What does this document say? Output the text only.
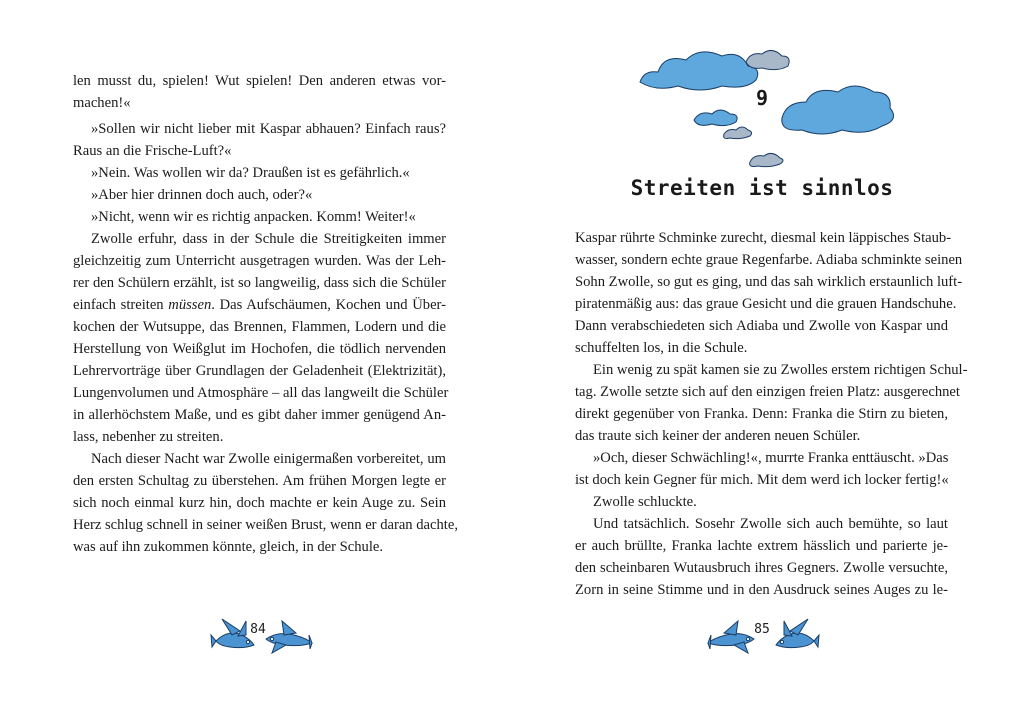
len musst du, spielen! Wut spielen! Den anderen etwas vor-
machen!«
»Sollen wir nicht lieber mit Kaspar abhauen? Einfach raus?
Raus an die Frische-Luft?«
»Nein. Was wollen wir da? Draußen ist es gefährlich.«
»Aber hier drinnen doch auch, oder?«
»Nicht, wenn wir es richtig anpacken. Komm! Weiter!«
Zwolle erfuhr, dass in der Schule die Streitigkeiten immer
gleichzeitig zum Unterricht ausgetragen wurden. Was der Leh-
rer den Schülern erzählt, ist so langweilig, dass sich die Schüler
einfach streiten müssen. Das Aufschäumen, Kochen und Über-
kochen der Wutsuppe, das Brennen, Flammen, Lodern und die
Herstellung von Weißglut im Hochofen, die tödlich nervenden
Lehrervorträge über Grundlagen der Geladenheit (Elektrizität),
Lungenvolumen und Atmosphäre – all das langweilt die Schüler
in allerhöchstem Maße, und es gibt daher immer genügend An-
lass, nebenher zu streiten.
Nach dieser Nacht war Zwolle einigermaßen vorbereitet, um
den ersten Schultag zu überstehen. Am frühen Morgen legte er
sich noch einmal kurz hin, doch machte er kein Auge zu. Sein
Herz schlug schnell in seiner weißen Brust, wenn er daran dachte,
was auf ihn zukommen könnte, gleich, in der Schule.
84
9
Streiten ist sinnlos
Kaspar rührte Schminke zurecht, diesmal kein läppisches Staub-
wasser, sondern echte graue Regenfarbe. Adiaba schminkte seinen
Sohn Zwolle, so gut es ging, und das sah wirklich erstaunlich luft-
piratenmäßig aus: das graue Gesicht und die grauen Handschuhe.
Dann verabschiedeten sich Adiaba und Zwolle von Kaspar und
schuffelten los, in die Schule.
Ein wenig zu spät kamen sie zu Zwolles erstem richtigen Schul-
tag. Zwolle setzte sich auf den einzigen freien Platz: ausgerechnet
direkt gegenüber von Franka. Denn: Franka die Stirn zu bieten,
das traute sich keiner der anderen neuen Schüler.
»Och, dieser Schwächling!«, murrte Franka enttäuscht. »Das
ist doch kein Gegner für mich. Mit dem werd ich locker fertig!«
Zwolle schluckte.
Und tatsächlich. Sosehr Zwolle sich auch bemühte, so laut
er auch brüllte, Franka lachte extrem hässlich und parierte je-
den scheinbaren Wutausbruch ihres Gegners. Zwolle versuchte,
Zorn in seine Stimme und in den Ausdruck seines Auges zu le-
85
